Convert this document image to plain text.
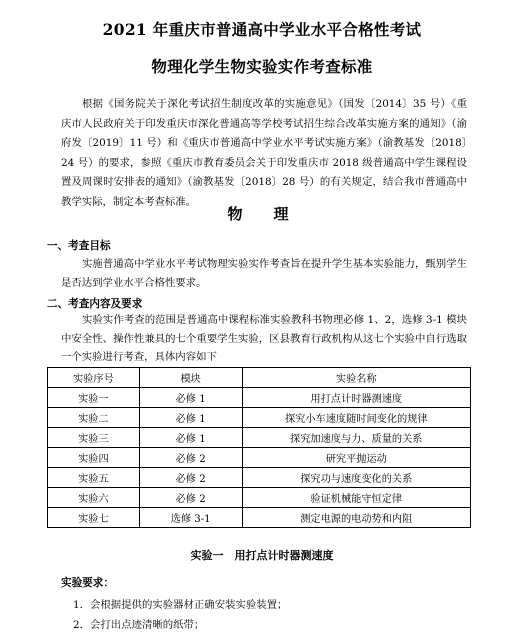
2021 年重庆市普通高中学业水平合格性考试
物理化学生物实验实作考查标准
根据《国务院关于深化考试招生制度改革的实施意见》（国发〔2014〕35 号）《重庆市人民政府关于印发重庆市深化普通高等学校考试招生综合改革实施方案的通知》（渝府发〔2019〕11 号）和《重庆市普通高中学业水平考试实施方案》（渝教基发〔2018〕24 号）的要求，参照《重庆市教育委员会关于印发重庆市 2018 级普通高中学生课程设置及周课时安排表的通知》（渝教基发〔2018〕28 号）的有关规定，结合我市普通高中教学实际，制定本考查标准。
物　理
一、考查目标
实施普通高中学业水平考试物理实验实作考查旨在提升学生基本实验能力，甄别学生是否达到学业水平合格性要求。
二、考查内容及要求
实验实作考查的范围是普通高中课程标准实验教科书物理必修 1、2，选修 3-1 模块中安全性、操作性兼具的七个重要学生实验，区县教育行政机构从这七个实验中自行选取一个实验进行考查，具体内容如下
实验序号	模块	实验名称
实验一	必修 1	用打点计时器测速度
实验二	必修 1	探究小车速度随时间变化的规律
实验三	必修 1	探究加速度与力、质量的关系
实验四	必修 2	研究平抛运动
实验五	必修 2	探究功与速度变化的关系
实验六	必修 2	验证机械能守恒定律
实验七	选修 3-1	测定电源的电动势和内阻
实验一　用打点计时器测速度
实验要求：
1．会根据提供的实验器材正确安装实验装置；
2．会打出点迹清晰的纸带；
